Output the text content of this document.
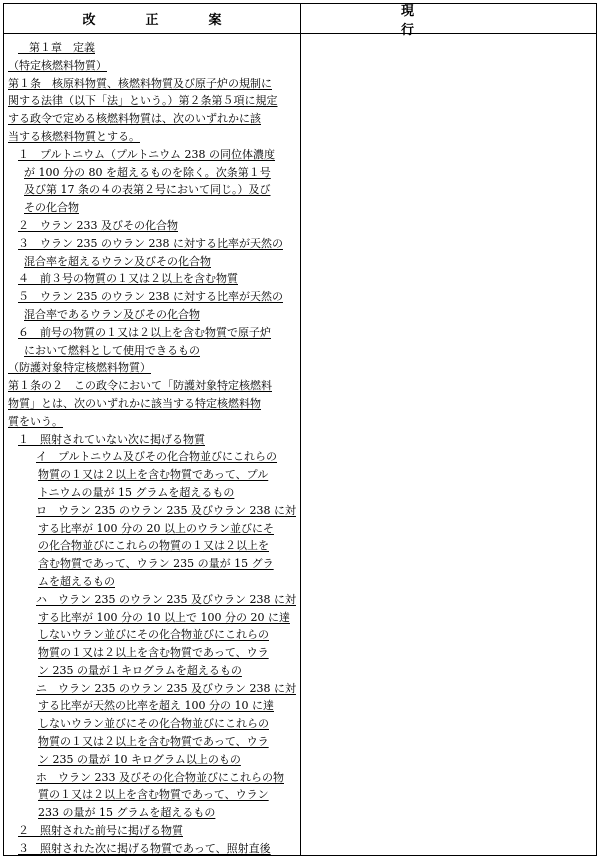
改正案
現行
　第１章　定義
（特定核燃料物質）
第１条　核原料物質、核燃料物質及び原子炉の規制に
関する法律（以下「法」という。）第２条第５項に規定
する政令で定める核燃料物質は、次のいずれかに該
当する核燃料物質とする。
１　プルトニウム（プルトニウム 238 の同位体濃度
が 100 分の 80 を超えるものを除く。次条第１号
及び第 17 条の４の表第２号において同じ。）及び
その化合物
２　ウラン 233 及びその化合物
３　ウラン 235 のウラン 238 に対する比率が天然の
混合率を超えるウラン及びその化合物
４　前３号の物質の１又は２以上を含む物質
５　ウラン 235 のウラン 238 に対する比率が天然の
混合率であるウラン及びその化合物
６　前号の物質の１又は２以上を含む物質で原子炉
において燃料として使用できるもの
（防護対象特定核燃料物質）
第１条の２　この政令において「防護対象特定核燃料
物質」とは、次のいずれかに該当する特定核燃料物
質をいう。
１　照射されていない次に掲げる物質
イ　プルトニウム及びその化合物並びにこれらの
物質の１又は２以上を含む物質であって、プル
トニウムの量が 15 グラムを超えるもの
ロ　ウラン 235 のウラン 235 及びウラン 238 に対
する比率が 100 分の 20 以上のウラン並びにそ
の化合物並びにこれらの物質の１又は２以上を
含む物質であって、ウラン 235 の量が 15 グラ
ムを超えるもの
ハ　ウラン 235 のウラン 235 及びウラン 238 に対
する比率が 100 分の 10 以上で 100 分の 20 に達
しないウラン並びにその化合物並びにこれらの
物質の１又は２以上を含む物質であって、ウラ
ン 235 の量が１キログラムを超えるもの
ニ　ウラン 235 のウラン 235 及びウラン 238 に対
する比率が天然の比率を超え 100 分の 10 に達
しないウラン並びにその化合物並びにこれらの
物質の１又は２以上を含む物質であって、ウラ
ン 235 の量が 10 キログラム以上のもの
ホ　ウラン 233 及びその化合物並びにこれらの物
質の１又は２以上を含む物質であって、ウラン
233 の量が 15 グラムを超えるもの
２　照射された前号に掲げる物質
３　照射された次に掲げる物質であって、照射直後
